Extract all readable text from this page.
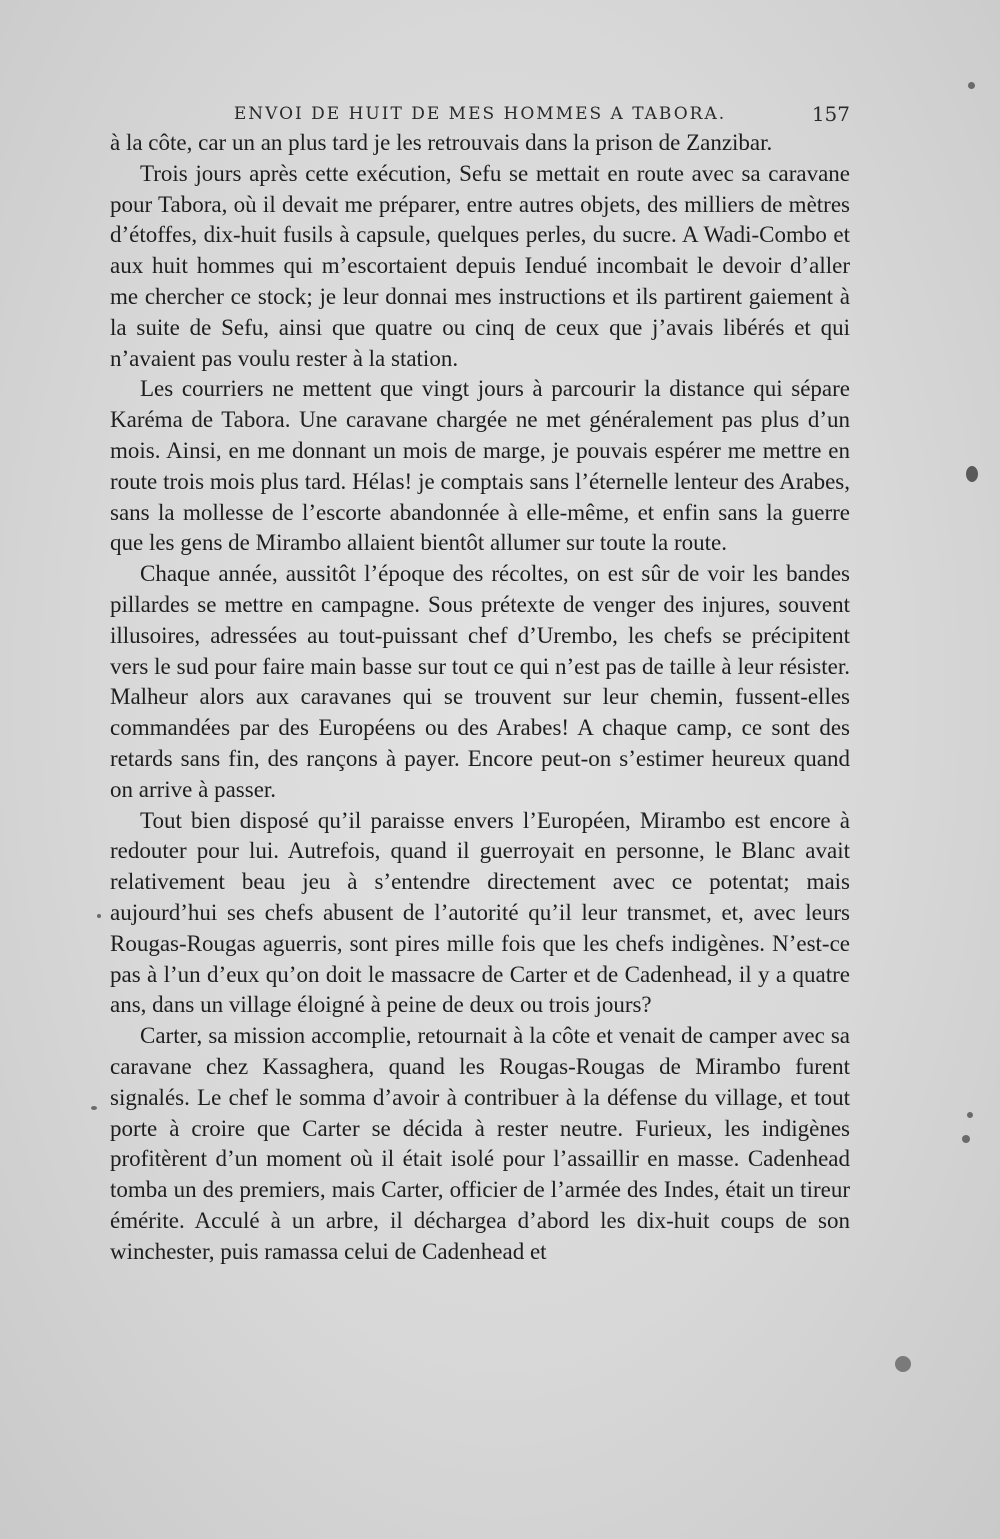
ENVOI DE HUIT DE MES HOMMES A TABORA.	157

à la côte, car un an plus tard je les retrouvais dans la prison de Zanzibar.

Trois jours après cette exécution, Sefu se mettait en route avec sa caravane pour Tabora, où il devait me préparer, entre autres objets, des milliers de mètres d’étoffes, dix-huit fusils à capsule, quelques perles, du sucre. A Wadi-Combo et aux huit hommes qui m’escortaient depuis Iendué incombait le devoir d’aller me chercher ce stock; je leur donnai mes instructions et ils partirent gaiement à la suite de Sefu, ainsi que quatre ou cinq de ceux que j’avais libérés et qui n’avaient pas voulu rester à la station.

Les courriers ne mettent que vingt jours à parcourir la distance qui sépare Karéma de Tabora. Une caravane chargée ne met généralement pas plus d’un mois. Ainsi, en me donnant un mois de marge, je pouvais espérer me mettre en route trois mois plus tard. Hélas! je comptais sans l’éternelle lenteur des Arabes, sans la mollesse de l’escorte abandonnée à elle-même, et enfin sans la guerre que les gens de Mirambo allaient bientôt allumer sur toute la route.

Chaque année, aussitôt l’époque des récoltes, on est sûr de voir les bandes pillardes se mettre en campagne. Sous prétexte de venger des injures, souvent illusoires, adressées au tout-puissant chef d’Urembo, les chefs se précipitent vers le sud pour faire main basse sur tout ce qui n’est pas de taille à leur résister. Malheur alors aux caravanes qui se trouvent sur leur chemin, fussent-elles commandées par des Européens ou des Arabes! A chaque camp, ce sont des retards sans fin, des rançons à payer. Encore peut-on s’estimer heureux quand on arrive à passer.

Tout bien disposé qu’il paraisse envers l’Européen, Mirambo est encore à redouter pour lui. Autrefois, quand il guerroyait en personne, le Blanc avait relativement beau jeu à s’entendre directement avec ce potentat; mais aujourd’hui ses chefs abusent de l’autorité qu’il leur transmet, et, avec leurs Rougas-Rougas aguerris, sont pires mille fois que les chefs indigènes. N’est-ce pas à l’un d’eux qu’on doit le massacre de Carter et de Cadenhead, il y a quatre ans, dans un village éloigné à peine de deux ou trois jours?

Carter, sa mission accomplie, retournait à la côte et venait de camper avec sa caravane chez Kassaghera, quand les Rougas-Rougas de Mirambo furent signalés. Le chef le somma d’avoir à contribuer à la défense du village, et tout porte à croire que Carter se décida à rester neutre. Furieux, les indigènes profitèrent d’un moment où il était isolé pour l’assaillir en masse. Cadenhead tomba un des premiers, mais Carter, officier de l’armée des Indes, était un tireur émérite. Acculé à un arbre, il déchargea d’abord les dix-huit coups de son winchester, puis ramassa celui de Cadenhead et
